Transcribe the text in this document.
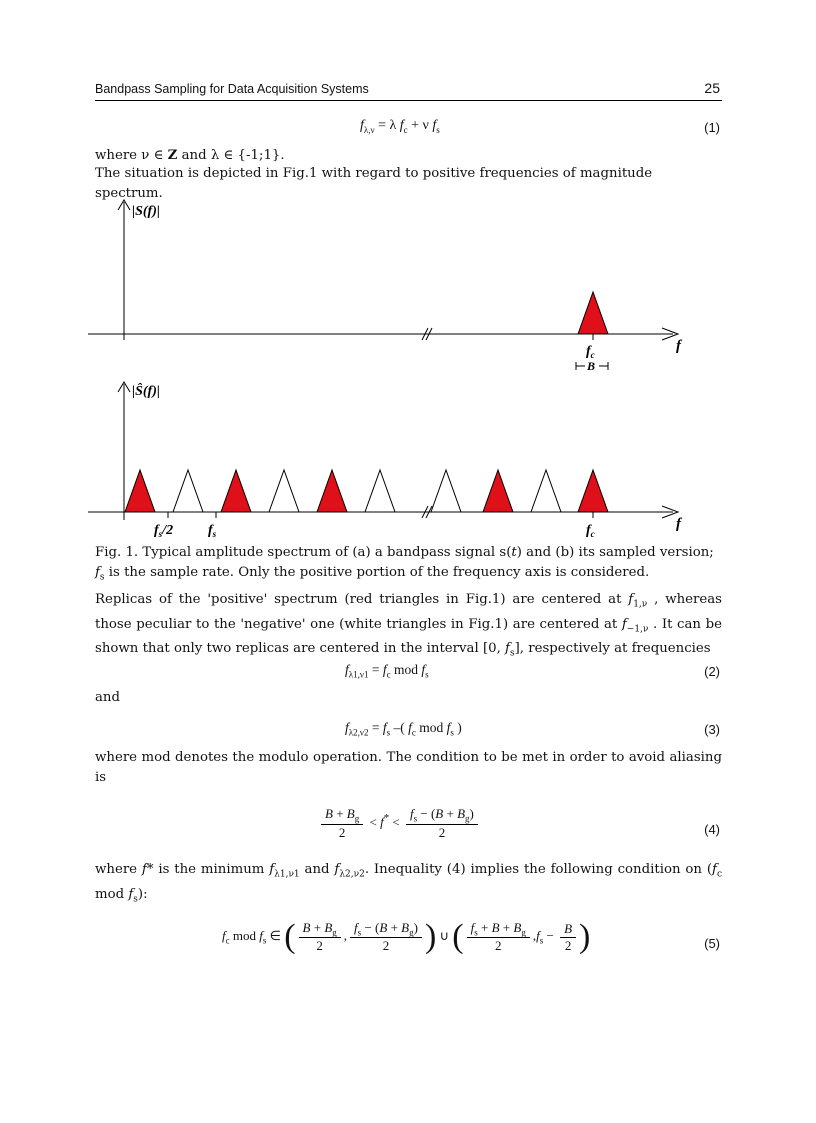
Bandpass Sampling for Data Acquisition Systems	25
$f_{\lambda,\nu} = \lambda$ $f_c + \nu$ $f_s$	(1)
where ν ∈ Z and λ ∈ {-1;1}.
The situation is depicted in Fig.1 with regard to positive frequencies of magnitude spectrum.
|S(f)|
$f_c$
f
B
|Ŝ(f)|
$f_s/2$ $f_s$	$f_c$
f
Fig. 1. Typical amplitude spectrum of (a) a bandpass signal s(t) and (b) its sampled version;
$f_s$ is the sample rate. Only the positive portion of the frequency axis is considered.
Replicas of the 'positive' spectrum (red triangles in Fig.1) are centered at $f_{1,\nu}$ , whereas those peculiar to the 'negative' one (white triangles in Fig.1) are centered at $f_{-1,\nu}$ . It can be shown that only two replicas are centered in the interval [0, $f_s$], respectively at frequencies
$f_{\lambda 1,\nu 1} = f_c$ mod $f_s$	(2)
and
$f_{\lambda 2,\nu 2} = f_s$ –( $f_c$ mod $f_s$ )	(3)
where mod denotes the modulo operation. The condition to be met in order to avoid aliasing is
$\frac{B + B_g}{2} < f^* < \frac{f_s - (B + B_g)}{2}$	(4)
where f* is the minimum $f_{\lambda 1,\nu 1}$ and $f_{\lambda 2,\nu 2}$. Inequality (4) implies the following condition on ($f_c$ mod $f_s$):
$f_c$ mod $f_s$ ∈ ( $\frac{B + B_g}{2}$ , $\frac{f_s - (B + B_g)}{2}$ ) ∪ ( $\frac{f_s + B + B_g}{2} ,f_s - \frac{B}{2}$ )	(5)
